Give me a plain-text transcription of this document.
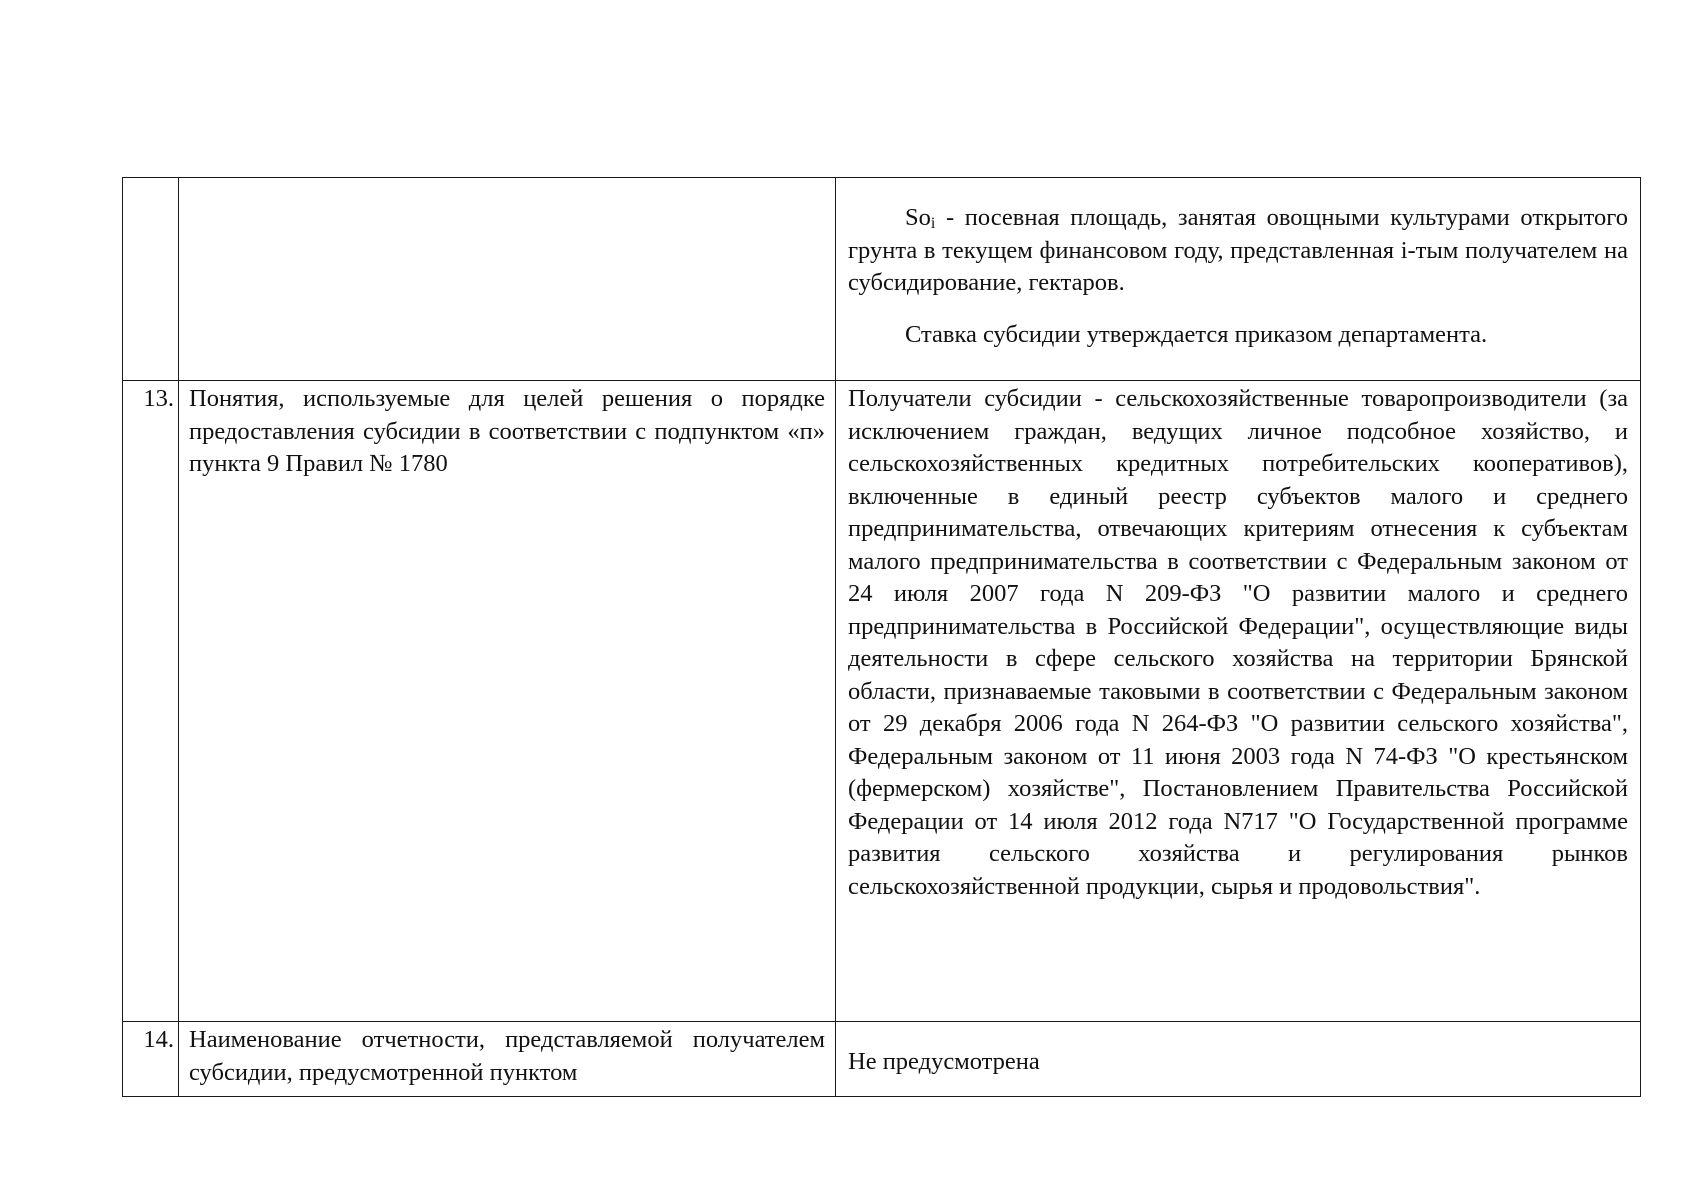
		$So_i$ - посевная площадь, занятая овощными культурами открытого грунта в текущем финансовом году, представленная i-тым получателем на субсидирование, гектаров.

Ставка субсидии утверждается приказом департамента.

13.	Понятия, используемые для целей решения о порядке предоставления субсидии в соответствии с подпунктом «п» пункта 9 Правил № 1780	Получатели субсидии - сельскохозяйственные товаропроизводители (за исключением граждан, ведущих личное подсобное хозяйство, и сельскохозяйственных кредитных потребительских кооперативов), включенные в единый реестр субъектов малого и среднего предпринимательства, отвечающих критериям отнесения к субъектам малого предпринимательства в соответствии с Федеральным законом от 24 июля 2007 года N 209-ФЗ "О развитии малого и среднего предпринимательства в Российской Федерации", осуществляющие виды деятельности в сфере сельского хозяйства на территории Брянской области, признаваемые таковыми в соответствии с Федеральным законом от 29 декабря 2006 года N 264-ФЗ "О развитии сельского хозяйства", Федеральным законом от 11 июня 2003 года N 74-ФЗ "О крестьянском (фермерском) хозяйстве", Постановлением Правительства Российской Федерации от 14 июля 2012 года N717 "О Государственной программе развития сельского хозяйства и регулирования рынков сельскохозяйственной продукции, сырья и продовольствия".
14.	Наименование отчетности, представляемой получателем субсидии, предусмотренной пунктом	Не предусмотрена
